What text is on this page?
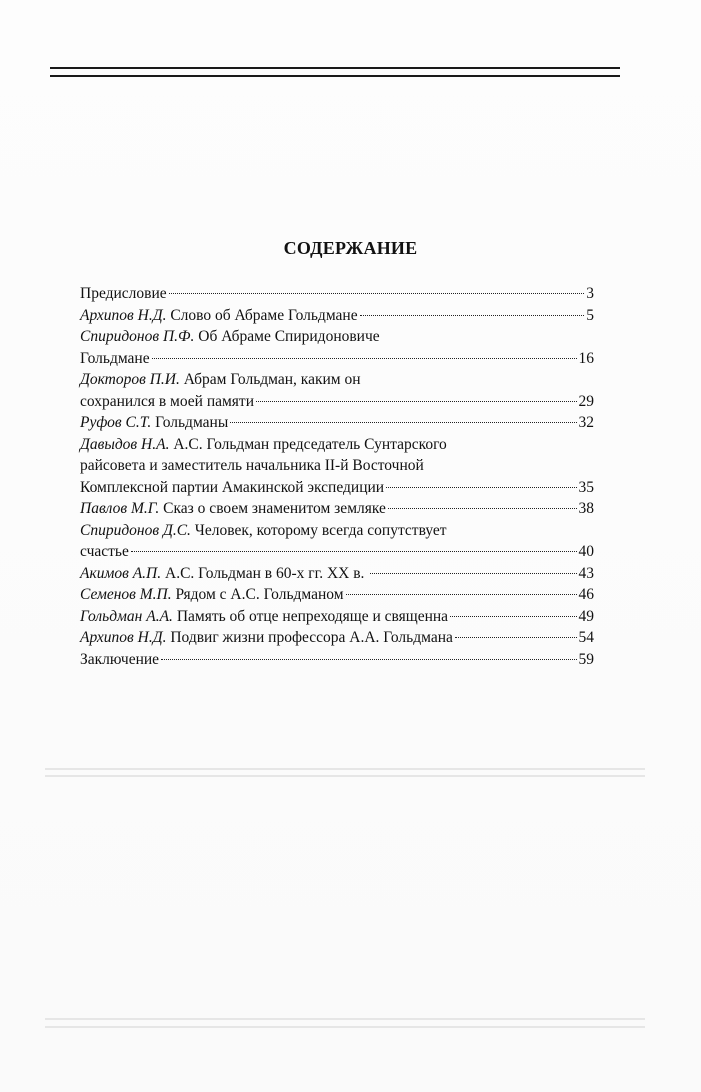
СОДЕРЖАНИЕ
Предисловие	3
Архипов Н.Д. Слово об Абраме Гольдмане	5
Спиридонов П.Ф. Об Абраме Спиридоновиче
Гольдмане	16
Докторов П.И. Абрам Гольдман, каким он
сохранился в моей памяти	29
Руфов С.Т. Гольдманы	32
Давыдов Н.А. А.С. Гольдман председатель Сунтарского
райсовета и заместитель начальника II-й Восточной
Комплексной партии Амакинской экспедиции	35
Павлов М.Г. Сказ о своем знаменитом земляке	38
Спиридонов Д.С. Человек, которому всегда сопутствует
счастье	40
Акимов А.П. А.С. Гольдман в 60-х гг. ХХ в.	43
Семенов М.П. Рядом с А.С. Гольдманом	46
Гольдман А.А. Память об отце непреходяще и священна	49
Архипов Н.Д. Подвиг жизни профессора А.А. Гольдмана	54
Заключение	59
